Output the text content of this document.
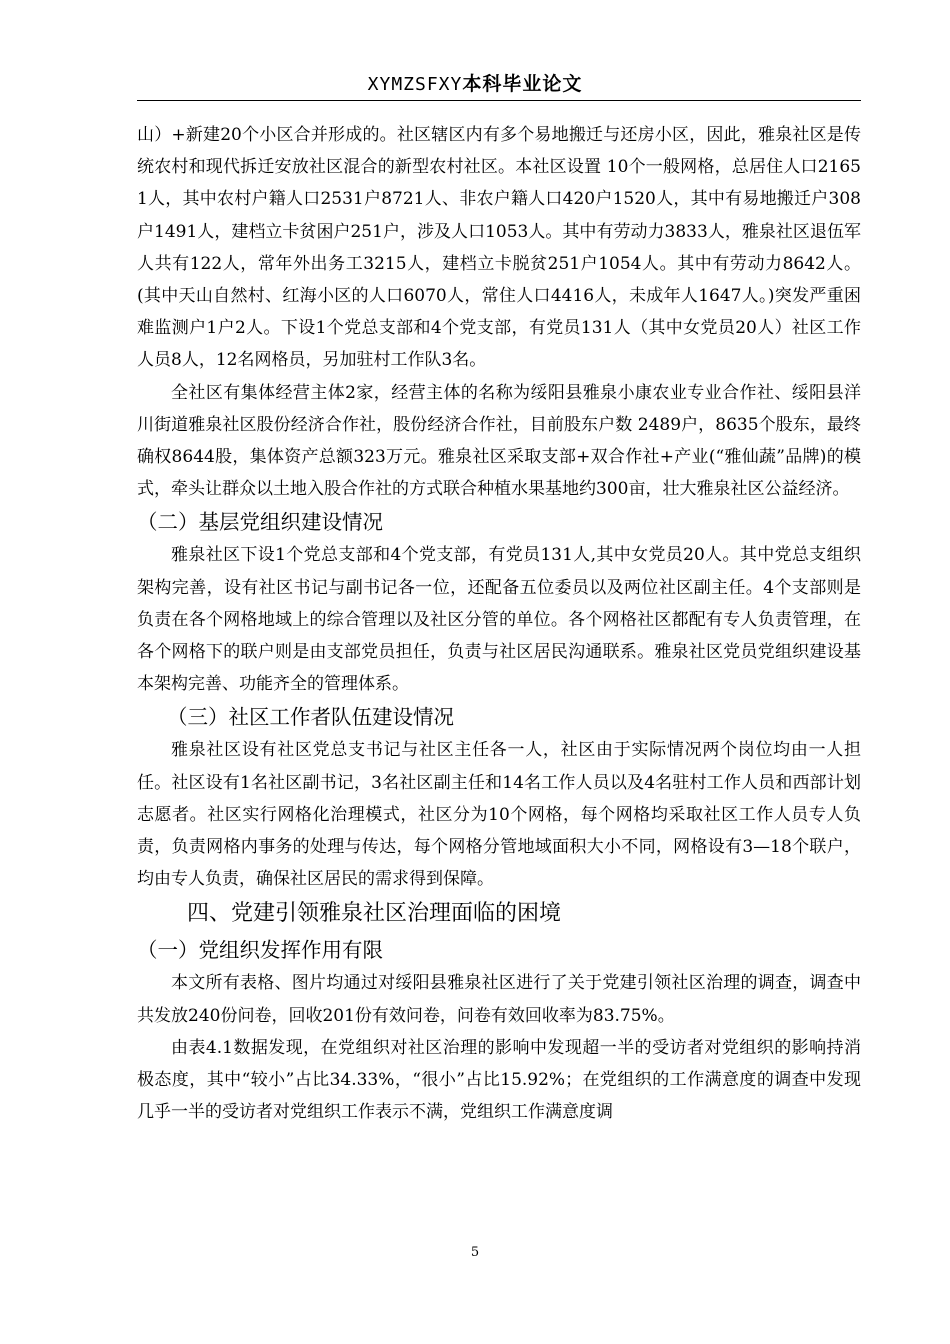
XYMZSFXY本科毕业论文

山）+新建20个小区合并形成的。社区辖区内有多个易地搬迁与还房小区，因此，雅泉社区是传统农村和现代拆迁安放社区混合的新型农村社区。本社区设置 10个一般网格，总居住人口21651人，其中农村户籍人口2531户8721人、非农户籍人口420户1520人，其中有易地搬迁户308户1491人，建档立卡贫困户251户，涉及人口1053人。其中有劳动力3833人，雅泉社区退伍军人共有122人，常年外出务工3215人，建档立卡脱贫251户1054人。其中有劳动力8642人。(其中天山自然村、红海小区的人口6070人，常住人口4416人，未成年人1647人。)突发严重困难监测户1户2人。下设1个党总支部和4个党支部，有党员131人（其中女党员20人）社区工作人员8人，12名网格员，另加驻村工作队3名。

全社区有集体经营主体2家，经营主体的名称为绥阳县雅泉小康农业专业合作社、绥阳县洋川街道雅泉社区股份经济合作社，股份经济合作社，目前股东户数 2489户，8635个股东，最终确权8644股，集体资产总额323万元。雅泉社区采取支部+双合作社+产业(“雅仙蔬”品牌)的模式，牵头让群众以土地入股合作社的方式联合种植水果基地约300亩，壮大雅泉社区公益经济。

（二）基层党组织建设情况

雅泉社区下设1个党总支部和4个党支部，有党员131人,其中女党员20人。其中党总支组织架构完善，设有社区书记与副书记各一位，还配备五位委员以及两位社区副主任。4个支部则是负责在各个网格地域上的综合管理以及社区分管的单位。各个网格社区都配有专人负责管理，在各个网格下的联户则是由支部党员担任，负责与社区居民沟通联系。雅泉社区党员党组织建设基本架构完善、功能齐全的管理体系。

（三）社区工作者队伍建设情况

雅泉社区设有社区党总支书记与社区主任各一人，社区由于实际情况两个岗位均由一人担任。社区设有1名社区副书记，3名社区副主任和14名工作人员以及4名驻村工作人员和西部计划志愿者。社区实行网格化治理模式，社区分为10个网格，每个网格均采取社区工作人员专人负责，负责网格内事务的处理与传达，每个网格分管地域面积大小不同，网格设有3—18个联户，均由专人负责，确保社区居民的需求得到保障。

四、党建引领雅泉社区治理面临的困境

（一）党组织发挥作用有限

本文所有表格、图片均通过对绥阳县雅泉社区进行了关于党建引领社区治理的调查，调查中共发放240份问卷，回收201份有效问卷，问卷有效回收率为83.75%。

由表4.1数据发现，在党组织对社区治理的影响中发现超一半的受访者对党组织的影响持消极态度，其中“较小”占比34.33%，“很小”占比15.92%；在党组织的工作满意度的调查中发现几乎一半的受访者对党组织工作表示不满，党组织工作满意度调

5
